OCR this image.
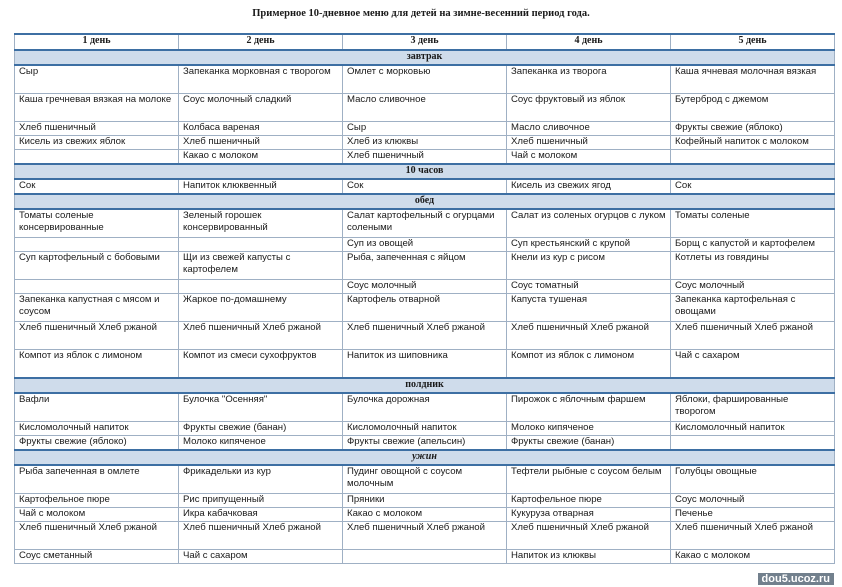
Примерное 10-дневное меню для детей на зимне-весенний период года.
1 день	2 день	3 день	4 день	5 день
завтрак				
Сыр	Запеканка морковная с творогом	Омлет с морковью	Запеканка из творога	Каша ячневая молочная вязкая
Каша гречневая вязкая на молоке	Соус молочный сладкий	Масло сливочное	Соус фруктовый из яблок	Бутерброд с джемом
Хлеб пшеничный	Колбаса вареная	Сыр	Масло сливочное	Фрукты свежие (яблоко)
Кисель из свежих яблок	Хлеб пшеничный	Хлеб из клюквы	Хлеб пшеничный	Кофейный напиток с молоком
	Какао с молоком	Хлеб пшеничный	Чай с молоком	
10 часов				
Сок	Напиток клюквенный	Сок	Кисель из свежих ягод	Сок
обед				
Томаты соленые консервированные	Зеленый горошек консервированный	Салат картофельный с огурцами солеными	Салат из соленых огурцов с луком	Томаты соленые
		Суп из овощей	Суп крестьянский с крупой	Борщ с капустой и картофелем
Суп картофельный с бобовыми	Щи из свежей капусты с картофелем	Рыба, запеченная с яйцом	Кнели из кур с рисом	Котлеты из говядины
		Соус молочный	Соус томатный	Соус молочный
Запеканка капустная с мясом и соусом	Жаркое по-домашнему	Картофель отварной	Капуста тушеная	Запеканка картофельная с овощами
Хлеб пшеничный Хлеб ржаной	Хлеб пшеничный Хлеб ржаной	Хлеб пшеничный Хлеб ржаной	Хлеб пшеничный Хлеб ржаной	Хлеб пшеничный Хлеб ржаной
Компот из яблок с лимоном	Компот из смеси сухофруктов	Напиток из шиповника	Компот из яблок с лимоном	Чай с сахаром
полдник				
Вафли	Булочка "Осенняя"	Булочка дорожная	Пирожок с яблочным фаршем	Яблоки, фаршированные творогом
Кисломолочный напиток	Фрукты свежие (банан)	Кисломолочный напиток	Молоко кипяченое	Кисломолочный напиток
Фрукты свежие (яблоко)	Молоко кипяченое	Фрукты свежие (апельсин)	Фрукты свежие (банан)	
ужин				
Рыба запеченная в омлете	Фрикадельки из кур	Пудинг овощной с соусом молочным	Тефтели рыбные с соусом белым	Голубцы овощные
Картофельное пюре	Рис припущенный	Пряники	Картофельное пюре	Соус молочный
Чай с молоком	Икра кабачковая	Какао с молоком	Кукуруза отварная	Печенье
Хлеб пшеничный Хлеб ржаной	Хлеб пшеничный Хлеб ржаной	Хлеб пшеничный Хлеб ржаной	Хлеб пшеничный Хлеб ржаной	Хлеб пшеничный Хлеб ржаной
Соус сметанный	Чай с сахаром		Напиток из клюквы	Какао с молоком
dou5.ucoz.ru
